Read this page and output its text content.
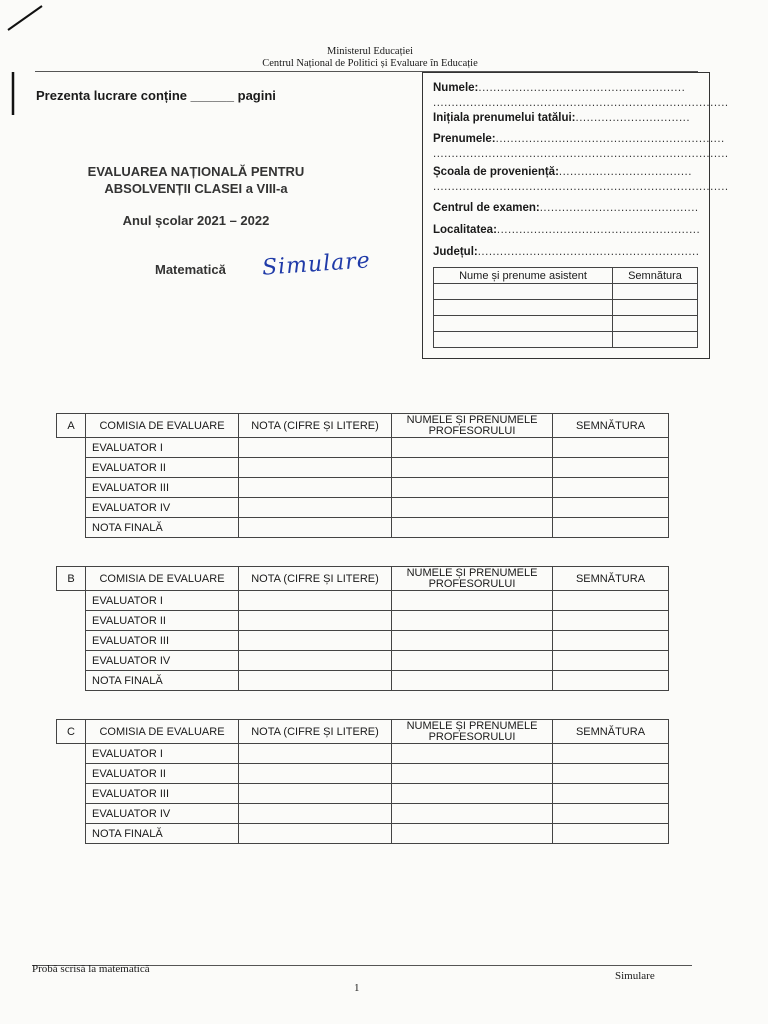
Ministerul Educației
Centrul Național de Politici și Evaluare în Educație
Prezenta lucrare conține ______ pagini
EVALUAREA NAȚIONALĂ PENTRU
ABSOLVENȚII CLASEI a VIII-a
Anul școlar 2021 – 2022
Matematică Simulare
Numele:........................................................
................................................................................
Inițiala prenumelui tatălui:...............................
Prenumele:..............................................................
................................................................................
Școala de proveniență:....................................
................................................................................
Centrul de examen:...........................................
Localitatea:.......................................................
Județul:............................................................
Nume și prenume asistent	Semnătura

A	COMISIA DE EVALUARE	NOTA (CIFRE ȘI LITERE)	NUMELE ȘI PRENUMELE PROFESORULUI	SEMNĂTURA
	EVALUATOR I			
	EVALUATOR II			
	EVALUATOR III			
	EVALUATOR IV			
	NOTA FINALĂ			
B	COMISIA DE EVALUARE	NOTA (CIFRE ȘI LITERE)	NUMELE ȘI PRENUMELE PROFESORULUI	SEMNĂTURA
	EVALUATOR I			
	EVALUATOR II			
	EVALUATOR III			
	EVALUATOR IV			
	NOTA FINALĂ			
C	COMISIA DE EVALUARE	NOTA (CIFRE ȘI LITERE)	NUMELE ȘI PRENUMELE PROFESORULUI	SEMNĂTURA
	EVALUATOR I			
	EVALUATOR II			
	EVALUATOR III			
	EVALUATOR IV			
	NOTA FINALĂ			
Probă scrisă la matematică
Simulare
1
